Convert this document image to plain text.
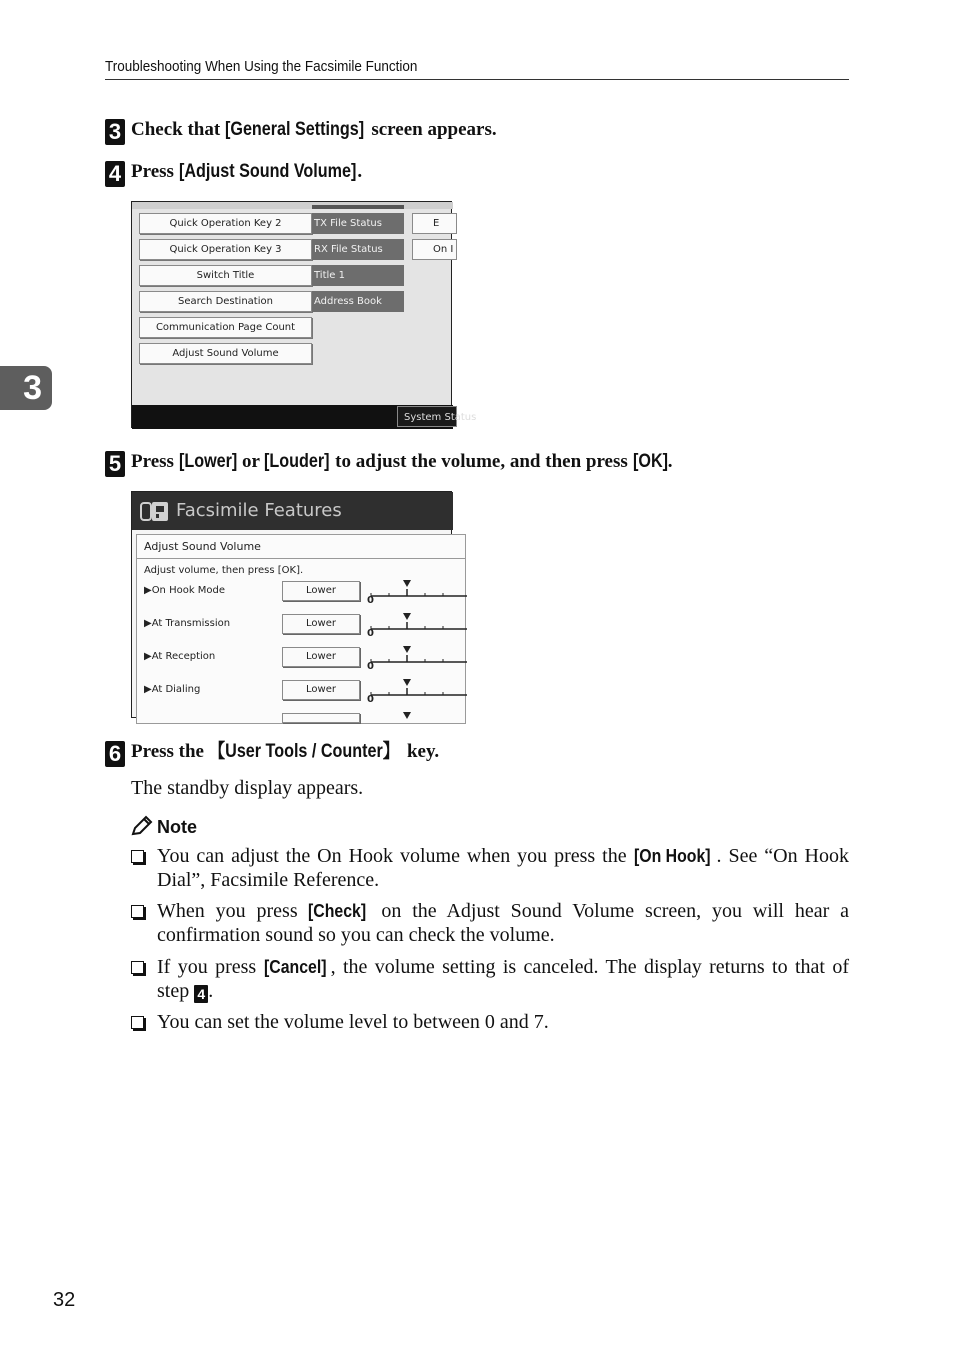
Troubleshooting When Using the Facsimile Function
3
3 Check that [General Settings] screen appears.
4 Press [Adjust Sound Volume].
Quick Operation Key 2	TX File Status	E
Quick Operation Key 3	RX File Status	On I
Switch Title	Title 1
Search Destination	Address Book
Communication Page Count
Adjust Sound Volume
System Status
5 Press [Lower] or [Louder] to adjust the volume, and then press [OK].
Facsimile Features
Adjust Sound Volume
Adjust volume, then press [OK].
▶On Hook Mode	Lower
0
▶At Transmission	Lower
0
▶At Reception	Lower
0
▶At Dialing	Lower
0
6 Press the 【User Tools / Counter】 key.
The standby display appears.
Note
You can adjust the On Hook volume when you press the [On Hook] . See “On Hook Dial”, Facsimile Reference.
When you press [Check] on the Adjust Sound Volume screen, you will hear a confirmation sound so you can check the volume.
If you press [Cancel] , the volume setting is canceled. The display returns to that of step 4 .
You can set the volume level to between 0 and 7.
32
